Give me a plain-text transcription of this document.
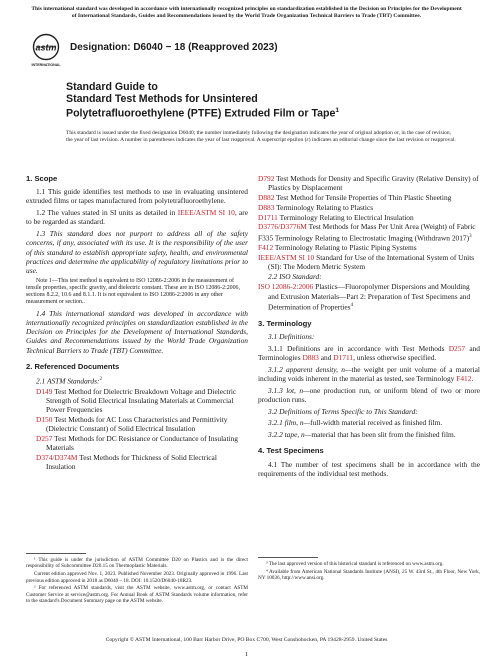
This international standard was developed in accordance with internationally recognized principles on standardization established in the Decision on Principles for the Development of International Standards, Guides and Recommendations issued by the World Trade Organization Technical Barriers to Trade (TBT) Committee.
astm
INTERNATIONAL
Designation: D6040 − 18 (Reapproved 2023)
Standard Guide to
Standard Test Methods for Unsintered
Polytetrafluoroethylene (PTFE) Extruded Film or Tape$^1$
This standard is issued under the fixed designation D6040; the number immediately following the designation indicates the year of original adoption or, in the case of revision, the year of last revision. A number in parentheses indicates the year of last reapproval. A superscript epsilon (ε) indicates an editorial change since the last revision or reapproval.
1. Scope

1.1 This guide identifies test methods to use in evaluating unsintered extruded films or tapes manufactured from polytetrafluoroethylene.

1.2 The values stated in SI units as detailed in IEEE/ASTM SI 10, are to be regarded as standard.

1.3 This standard does not purport to address all of the safety concerns, if any, associated with its use. It is the responsibility of the user of this standard to establish appropriate safety, health, and environmental practices and determine the applicability of regulatory limitations prior to use.

Note 1—This test method is equivalent to ISO 12086-2:2006 in the measurement of tensile properties, specific gravity, and dielectric constant. These are in ISO 12086-2:2006, sections 8.2.2, 10.6 and 8.1.1. It is not equivalent to ISO 12086-2:2006 in any other measurement or section..

1.4 This international standard was developed in accordance with internationally recognized principles on standardization established in the Decision on Principles for the Development of International Standards, Guides and Recommendations issued by the World Trade Organization Technical Barriers to Trade (TBT) Committee.

2. Referenced Documents
2.1 ASTM Standards:$^2$
D149 Test Method for Dielectric Breakdown Voltage and Dielectric Strength of Solid Electrical Insulating Materials at Commercial Power Frequencies
D150 Test Methods for AC Loss Characteristics and Permittivity (Dielectric Constant) of Solid Electrical Insulation
D257 Test Methods for DC Resistance or Conductance of Insulating Materials
D374/D374M Test Methods for Thickness of Solid Electrical Insulation
¹ This guide is under the jurisdiction of ASTM Committee D20 on Plastics and is the direct responsibility of Subcommittee D20.15 on Thermoplastic Materials.
Current edition approved Nov. 1, 2023. Published November 2023. Originally approved in 1996. Last previous edition approved in 2018 as D6040 – 18. DOI: 10.1520/D6040-18R23.
² For referenced ASTM standards, visit the ASTM website, www.astm.org, or contact ASTM Customer Service at service@astm.org. For Annual Book of ASTM Standards volume information, refer to the standard's Document Summary page on the ASTM website.
D792 Test Methods for Density and Specific Gravity (Relative Density) of Plastics by Displacement
D882 Test Method for Tensile Properties of Thin Plastic Sheeting
D883 Terminology Relating to Plastics
D1711 Terminology Relating to Electrical Insulation
D3776/D3776M Test Methods for Mass Per Unit Area (Weight) of Fabric
F335 Terminology Relating to Electrostatic Imaging (Withdrawn 2017)$^3$
F412 Terminology Relating to Plastic Piping Systems
IEEE/ASTM SI 10 Standard for Use of the International System of Units (SI): The Modern Metric System
2.2 ISO Standard:
ISO 12086-2:2006 Plastics—Fluoropolymer Dispersions and Moulding and Extrusion Materials—Part 2: Preparation of Test Specimens and Determination of Properties$^4$
3. Terminology

3.1 Definitions:

3.1.1 Definitions are in accordance with Test Methods D257 and Terminologies D883 and D1711, unless otherwise specified.

3.1.2 apparent density, n—the weight per unit volume of a material including voids inherent in the material as tested, see Terminology F412.

3.1.3 lot, n—one production run, or uniform blend of two or more production runs.

3.2 Definitions of Terms Specific to This Standard:

3.2.1 film, n—full-width material received as finished film.

3.2.2 tape, n—material that has been slit from the finished film.

4. Test Specimens

4.1 The number of test specimens shall be in accordance with the requirements of the individual test methods.

³ The last approved version of this historical standard is referenced on www.astm.org.
⁴ Available from American National Standards Institute (ANSI), 25 W. 43rd St., 4th Floor, New York, NY 10036, http://www.ansi.org.
Copyright © ASTM International, 100 Barr Harbor Drive, PO Box C700, West Conshohocken, PA 19428-2959. United States
1
